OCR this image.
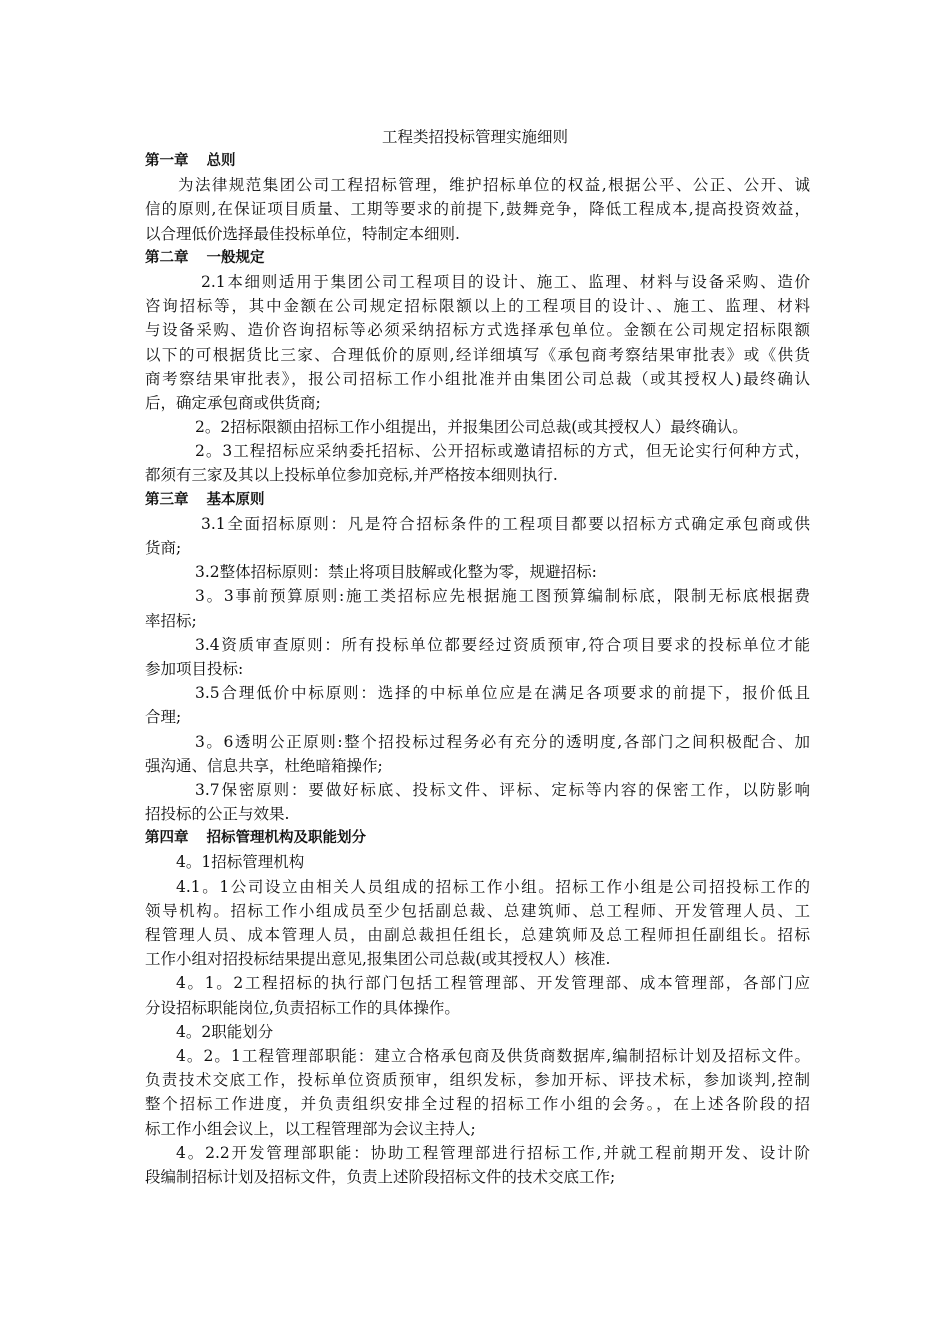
工程类招投标管理实施细则
第一章 总则
为法律规范集团公司工程招标管理，维护招标单位的权益,根据公平、公正、公开、诚
信的原则,在保证项目质量、工期等要求的前提下,鼓舞竞争，降低工程成本,提高投资效益，
以合理低价选择最佳投标单位，特制定本细则.
第二章 一般规定
2.1本细则适用于集团公司工程项目的设计、施工、监理、材料与设备采购、造价
咨询招标等，其中金额在公司规定招标限额以上的工程项目的设计、、施工、监理、材料
与设备采购、造价咨询招标等必须采纳招标方式选择承包单位。金额在公司规定招标限额
以下的可根据货比三家、合理低价的原则,经详细填写《承包商考察结果审批表》或《供货
商考察结果审批表》，报公司招标工作小组批准并由集团公司总裁（或其授权人)最终确认
后，确定承包商或供货商;
2。2招标限额由招标工作小组提出，并报集团公司总裁(或其授权人）最终确认。
2。3工程招标应采纳委托招标、公开招标或邀请招标的方式，但无论实行何种方式，
都须有三家及其以上投标单位参加竞标,并严格按本细则执行.
第三章 基本原则
3.1全面招标原则：凡是符合招标条件的工程项目都要以招标方式确定承包商或供
货商;
3.2整体招标原则：禁止将项目肢解或化整为零，规避招标:
3。3事前预算原则:施工类招标应先根据施工图预算编制标底，限制无标底根据费
率招标;
3.4资质审查原则：所有投标单位都要经过资质预审,符合项目要求的投标单位才能
参加项目投标:
3.5合理低价中标原则：选择的中标单位应是在满足各项要求的前提下，报价低且
合理;
3。6透明公正原则:整个招投标过程务必有充分的透明度,各部门之间积极配合、加
强沟通、信息共享，杜绝暗箱操作;
3.7保密原则：要做好标底、投标文件、评标、定标等内容的保密工作，以防影响
招投标的公正与效果.
第四章 招标管理机构及职能划分
4。1招标管理机构
4.1。1公司设立由相关人员组成的招标工作小组。招标工作小组是公司招投标工作的
领导机构。招标工作小组成员至少包括副总裁、总建筑师、总工程师、开发管理人员、工
程管理人员、成本管理人员，由副总裁担任组长，总建筑师及总工程师担任副组长。招标
工作小组对招投标结果提出意见,报集团公司总裁(或其授权人）核准.
4。1。2工程招标的执行部门包括工程管理部、开发管理部、成本管理部，各部门应
分设招标职能岗位,负责招标工作的具体操作。
4。2职能划分
4。2。1工程管理部职能：建立合格承包商及供货商数据库,编制招标计划及招标文件。
负责技术交底工作，投标单位资质预审，组织发标，参加开标、评技术标，参加谈判,控制
整个招标工作进度，并负责组织安排全过程的招标工作小组的会务。，在上述各阶段的招
标工作小组会议上，以工程管理部为会议主持人;
4。2.2开发管理部职能：协助工程管理部进行招标工作,并就工程前期开发、设计阶
段编制招标计划及招标文件，负责上述阶段招标文件的技术交底工作;
